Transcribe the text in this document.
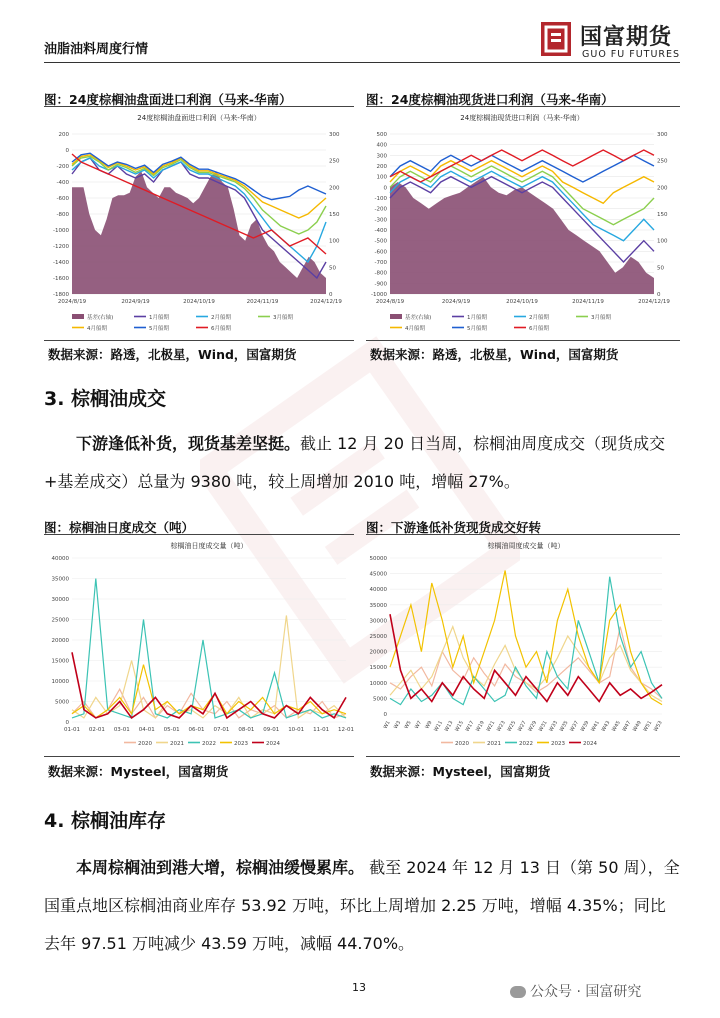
油脂油料周度行情	国富期货
GUO FU FUTURES
图：24度棕榈油盘面进口利润（马来-华南）	图：24度棕榈油现货进口利润（马来-华南）
24度棕榈油盘面进口利润（马来-华南）
200
0
-200
-400
-600
-800
-1000
-1200
-1400
-1600
-1800
300
250
200
150
100
50
0
2024/8/19	2024/9/19	2024/10/19	2024/11/19	2024/12/19
基差(右轴)	1月船期	2月船期	3月船期
4月船期	5月船期	6月船期
24度棕榈油现货进口利润（马来-华南）
500
400
300
200
100
0
-100
-200
-300
-400
-500
-600
-700
-800
-900
-1000
300
250
200
150
100
50
0
2024/8/19	2024/9/19	2024/10/19	2024/11/19	2024/12/19
基差(右轴)	1月船期	2月船期	3月船期
4月船期	5月船期	6月船期
数据来源：路透，北极星，Wind，国富期货	数据来源：路透，北极星，Wind，国富期货
3. 棕榈油成交
下游逢低补货，现货基差坚挺。截止 12 月 20 日当周，棕榈油周度成交（现货成交+基差成交）总量为 9380 吨，较上周增加 2010 吨，增幅 27%。
图：棕榈油日度成交（吨）	图：下游逢低补货现货成交好转
棕榈油日度成交量（吨）
40000
35000
30000
25000
20000
15000
10000
5000
0
01-01 02-01 03-01 04-01 05-01 06-01 07-01 08-01 09-01 10-01 11-01 12-01
2020	2021	2022	2023	2024
棕榈油周度成交量（吨）
50000
45000
40000
35000
30000
25000
20000
15000
10000
5000
0
W1 W3 W5 W7 W9 W11 W13 W15 W17 W19 W21 W23 W25 W27 W29 W31 W33 W35 W37 W39 W41 W43 W45 W47 W49 W51 W53
2020	2021	2022	2023	2024
数据来源：Mysteel，国富期货	数据来源：Mysteel，国富期货
4. 棕榈油库存
本周棕榈油到港大增，棕榈油缓慢累库。 截至 2024 年 12 月 13 日（第 50 周），全国重点地区棕榈油商业库存 53.92 万吨，环比上周增加 2.25 万吨，增幅 4.35%；同比去年 97.51 万吨减少 43.59 万吨，减幅 44.70%。
13	公众号 · 国富研究
